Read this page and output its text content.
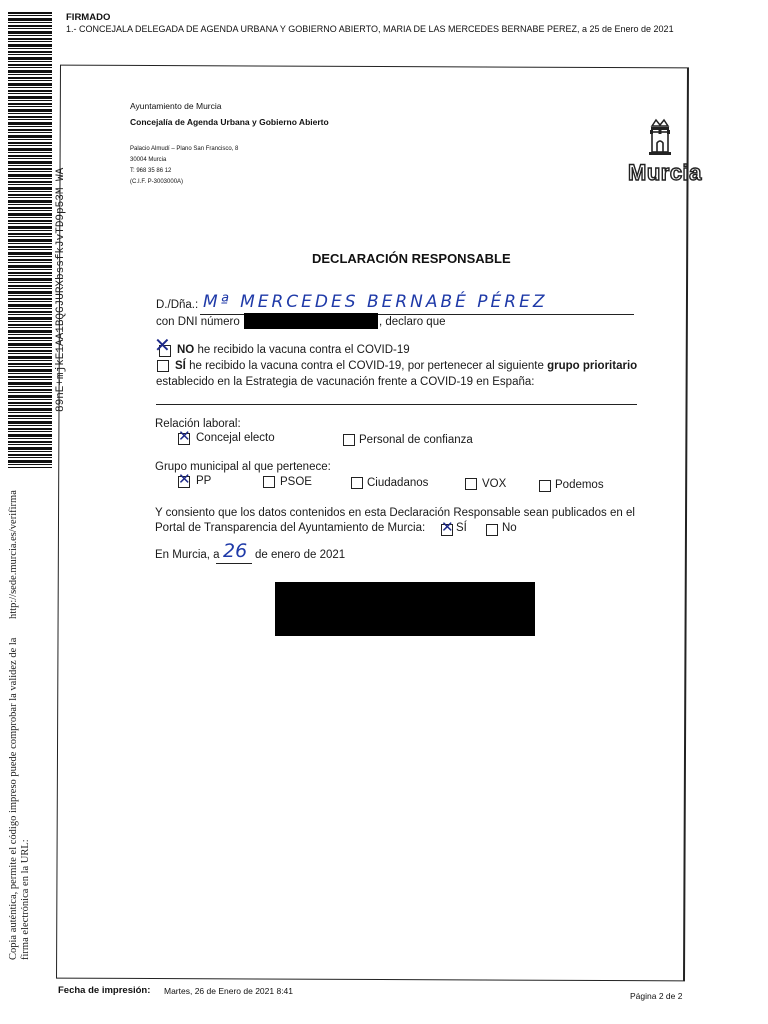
89nE+mjkE1AA1BQGJURXbssfkJvTD9p53M-WA
Copia auténtica, permite el código impreso puede comprobar la validez de la firma electrónica en la URL:
http://sede.murcia.es/verifirma
FIRMADO
1.- CONCEJALA DELEGADA DE AGENDA URBANA Y GOBIERNO ABIERTO, MARIA DE LAS MERCEDES BERNABE PEREZ, a 25 de Enero de 2021
Ayuntamiento de Murcia
Concejalía de Agenda Urbana y Gobierno Abierto
Palacio Almudí – Plano San Francisco, 8
30004 Murcia
T: 968 35 86 12
(C.I.F. P-3003000A)	Murcia
DECLARACIÓN RESPONSABLE
D./Dña.: Mª MERCEDES BERNABÉ PÉREZ
con DNI número	, declaro que
✕ NO he recibido la vacuna contra el COVID-19
SÍ he recibido la vacuna contra el COVID-19, por pertenecer al siguiente grupo prioritario
establecido en la Estrategia de vacunación frente a COVID-19 en España:
Relación laboral:
✕ Concejal electo	Personal de confianza
Grupo municipal al que pertenece:
✕ PP	PSOE	Ciudadanos	VOX	Podemos
Y consiento que los datos contenidos en esta Declaración Responsable sean publicados en el
Portal de Transparencia del Ayuntamiento de Murcia: ✕ SÍ	No
En Murcia, a 26 de enero de 2021
Fecha de impresión: Martes, 26 de Enero de 2021 8:41	Página 2 de 2
